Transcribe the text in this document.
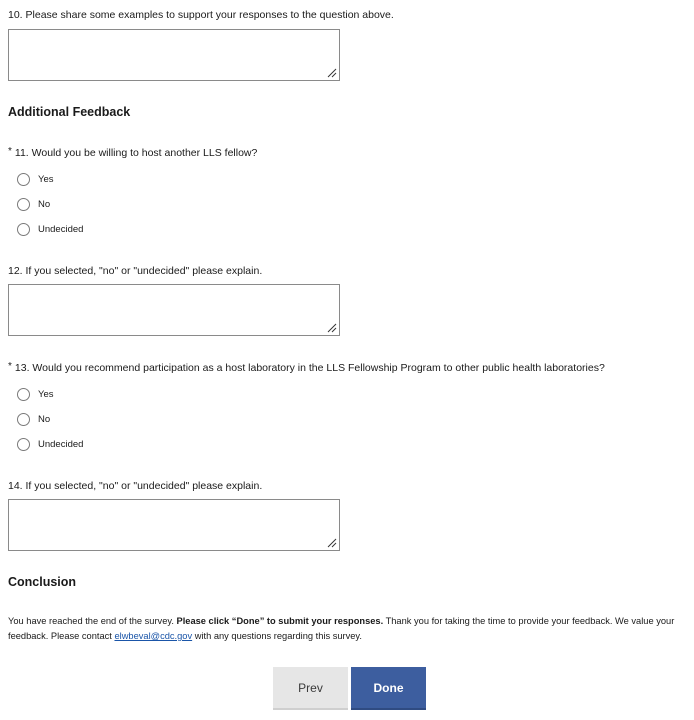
10. Please share some examples to support your responses to the question above.
Additional Feedback
* 11. Would you be willing to host another LLS fellow?
Yes
No
Undecided
12. If you selected, "no" or "undecided" please explain.
* 13. Would you recommend participation as a host laboratory in the LLS Fellowship Program to other public health laboratories?
Yes
No
Undecided
14. If you selected, "no" or "undecided" please explain.
Conclusion
You have reached the end of the survey. Please click “Done” to submit your responses. Thank you for taking the time to provide your feedback. We value your feedback. Please contact elwbeval@cdc.gov with any questions regarding this survey.
Prev	Done
